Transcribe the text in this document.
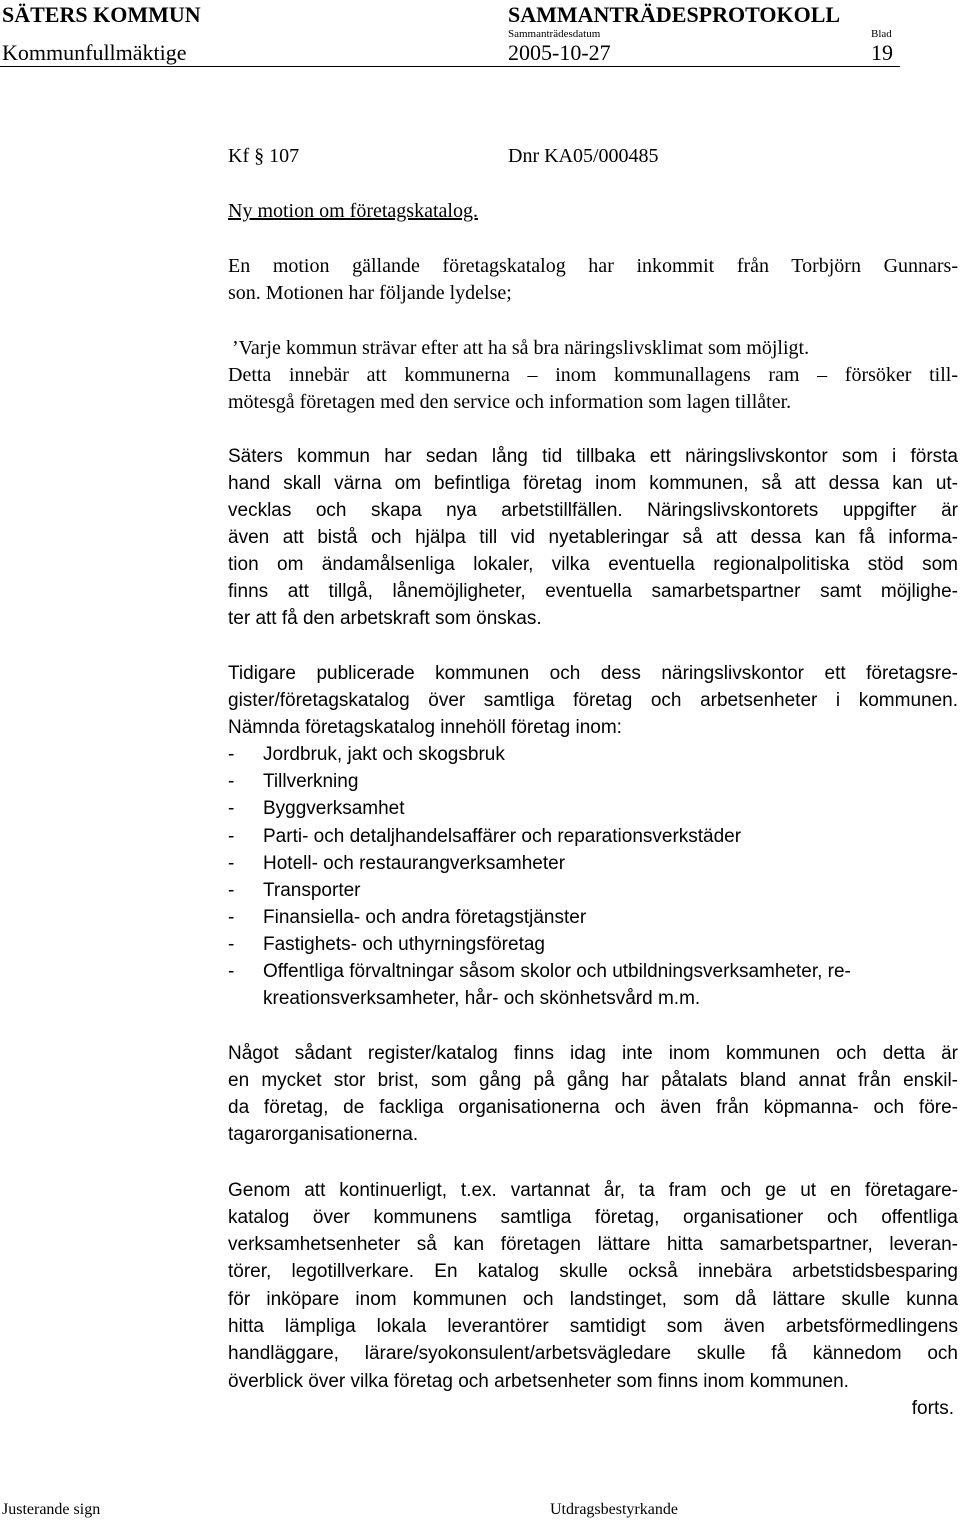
SÄTERS KOMMUN	SAMMANTRÄDESPROTOKOLL
Sammanträdesdatum	Blad
Kommunfullmäktige	2005-10-27	19
Kf § 107	Dnr KA05/000485
Ny motion om företagskatalog.
En motion gällande företagskatalog har inkommit från Torbjörn Gunnars-
son. Motionen har följande lydelse;
’Varje kommun strävar efter att ha så bra näringslivsklimat som möjligt.
Detta innebär att kommunerna – inom kommunallagens ram – försöker till-
mötesgå företagen med den service och information som lagen tillåter.
Säters kommun har sedan lång tid tillbaka ett näringslivskontor som i första
hand skall värna om befintliga företag inom kommunen, så att dessa kan ut-
vecklas och skapa nya arbetstillfällen. Näringslivskontorets uppgifter är
även att bistå och hjälpa till vid nyetableringar så att dessa kan få informa-
tion om ändamålsenliga lokaler, vilka eventuella regionalpolitiska stöd som
finns att tillgå, lånemöjligheter, eventuella samarbetspartner samt möjlighe-
ter att få den arbetskraft som önskas.
Tidigare publicerade kommunen och dess näringslivskontor ett företagsre-
gister/företagskatalog över samtliga företag och arbetsenheter i kommunen.
Nämnda företagskatalog innehöll företag inom:
- Jordbruk, jakt och skogsbruk
- Tillverkning
- Byggverksamhet
- Parti- och detaljhandelsaffärer och reparationsverkstäder
- Hotell- och restaurangverksamheter
- Transporter
- Finansiella- och andra företagstjänster
- Fastighets- och uthyrningsföretag
- Offentliga förvaltningar såsom skolor och utbildningsverksamheter, re-
kreationsverksamheter, hår- och skönhetsvård m.m.
Något sådant register/katalog finns idag inte inom kommunen och detta är
en mycket stor brist, som gång på gång har påtalats bland annat från enskil-
da företag, de fackliga organisationerna och även från köpmanna- och före-
tagarorganisationerna.
Genom att kontinuerligt, t.ex. vartannat år, ta fram och ge ut en företagare-
katalog över kommunens samtliga företag, organisationer och offentliga
verksamhetsenheter så kan företagen lättare hitta samarbetspartner, leveran-
törer, legotillverkare. En katalog skulle också innebära arbetstidsbesparing
för inköpare inom kommunen och landstinget, som då lättare skulle kunna
hitta lämpliga lokala leverantörer samtidigt som även arbetsförmedlingens
handläggare, lärare/syokonsulent/arbetsvägledare skulle få kännedom och
överblick över vilka företag och arbetsenheter som finns inom kommunen.
forts.
Justerande sign	Utdragsbestyrkande
